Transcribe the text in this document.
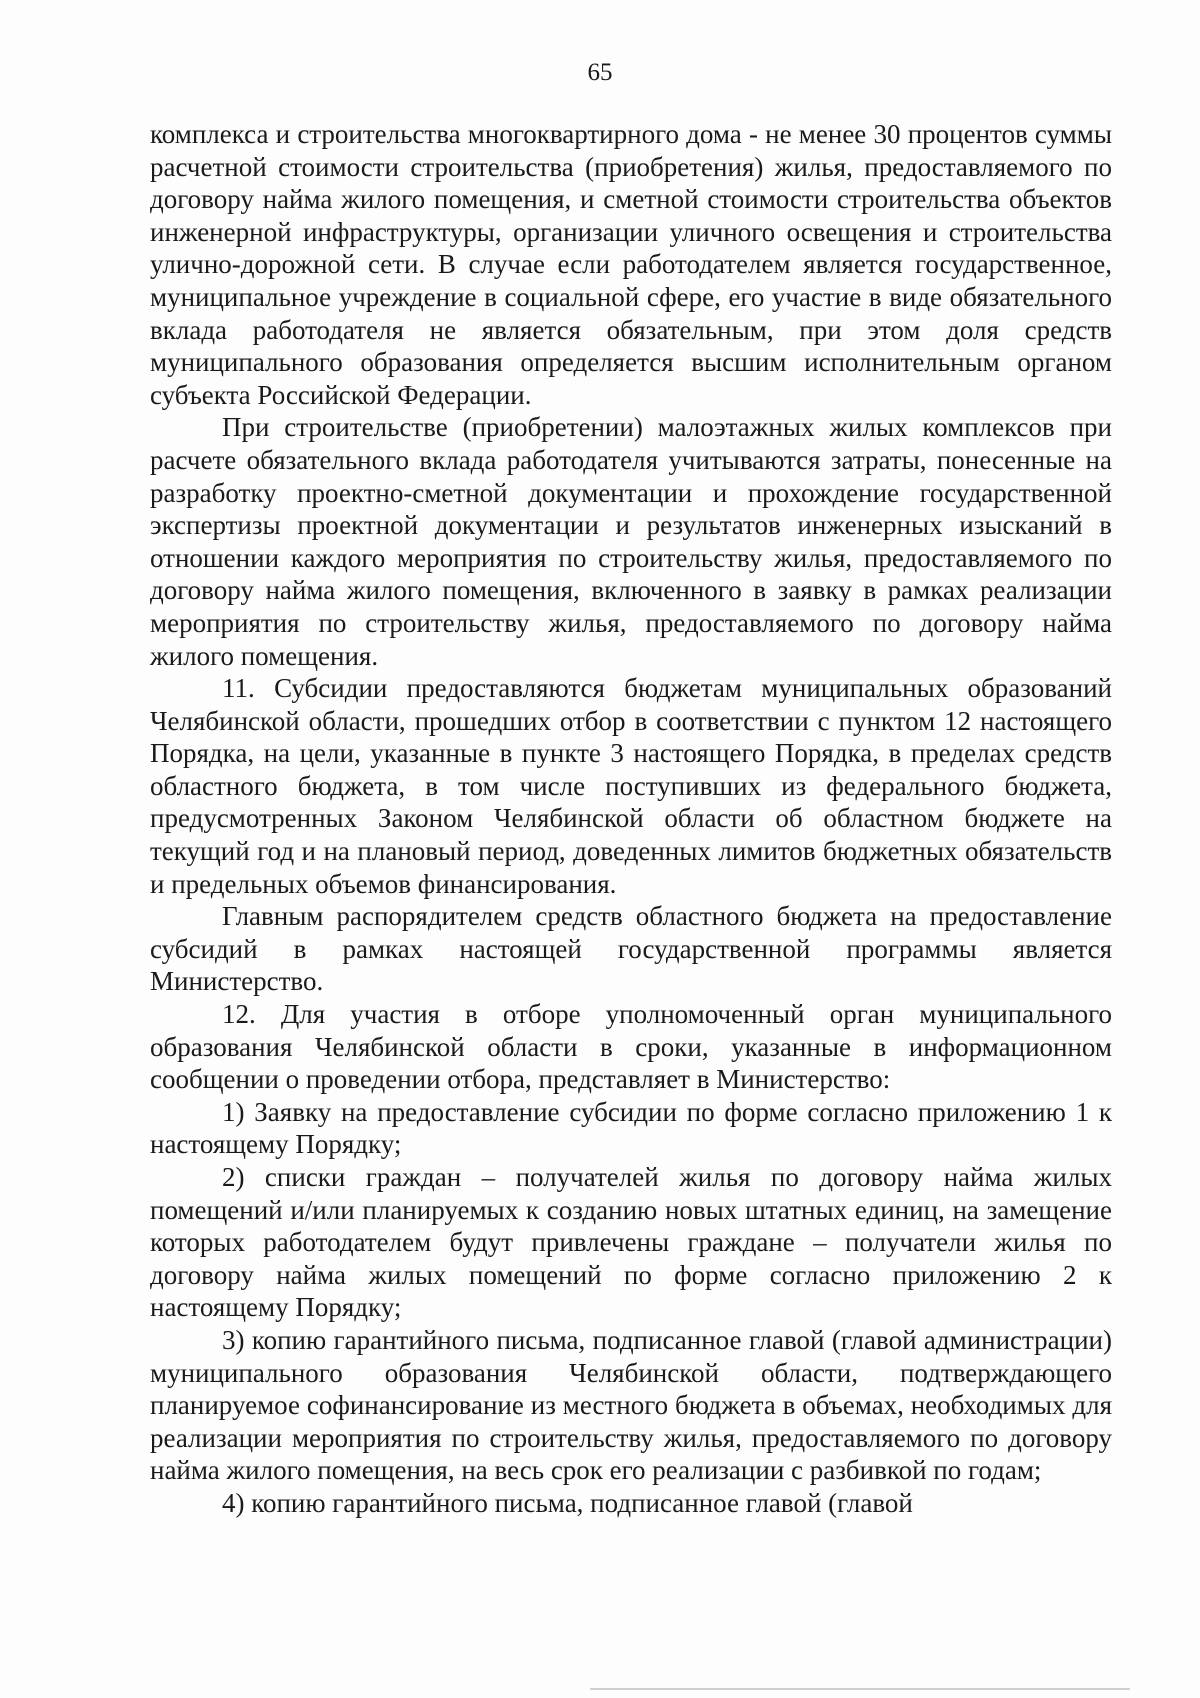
65

комплекса и строительства многоквартирного дома - не менее 30 процентов суммы расчетной стоимости строительства (приобретения) жилья, предоставляемого по договору найма жилого помещения, и сметной стоимости строительства объектов инженерной инфраструктуры, организации уличного освещения и строительства улично-дорожной сети. В случае если работодателем является государственное, муниципальное учреждение в социальной сфере, его участие в виде обязательного вклада работодателя не является обязательным, при этом доля средств муниципального образования определяется высшим исполнительным органом субъекта Российской Федерации.

При строительстве (приобретении) малоэтажных жилых комплексов при расчете обязательного вклада работодателя учитываются затраты, понесенные на разработку проектно-сметной документации и прохождение государственной экспертизы проектной документации и результатов инженерных изысканий в отношении каждого мероприятия по строительству жилья, предоставляемого по договору найма жилого помещения, включенного в заявку в рамках реализации мероприятия по строительству жилья, предоставляемого по договору найма жилого помещения.

11. Субсидии предоставляются бюджетам муниципальных образований Челябинской области, прошедших отбор в соответствии с пунктом 12 настоящего Порядка, на цели, указанные в пункте 3 настоящего Порядка, в пределах средств областного бюджета, в том числе поступивших из федерального бюджета, предусмотренных Законом Челябинской области об областном бюджете на текущий год и на плановый период, доведенных лимитов бюджетных обязательств и предельных объемов финансирования.

Главным распорядителем средств областного бюджета на предоставление субсидий в рамках настоящей государственной программы является Министерство.

12. Для участия в отборе уполномоченный орган муниципального образования Челябинской области в сроки, указанные в информационном сообщении о проведении отбора, представляет в Министерство:

1) Заявку на предоставление субсидии по форме согласно приложению 1 к настоящему Порядку;

2) списки граждан – получателей жилья по договору найма жилых помещений и/или планируемых к созданию новых штатных единиц, на замещение которых работодателем будут привлечены граждане – получатели жилья по договору найма жилых помещений по форме согласно приложению 2 к настоящему Порядку;

3) копию гарантийного письма, подписанное главой (главой администрации) муниципального образования Челябинской области, подтверждающего планируемое софинансирование из местного бюджета в объемах, необходимых для реализации мероприятия по строительству жилья, предоставляемого по договору найма жилого помещения, на весь срок его реализации с разбивкой по годам;

4) копию гарантийного письма, подписанное главой (главой
